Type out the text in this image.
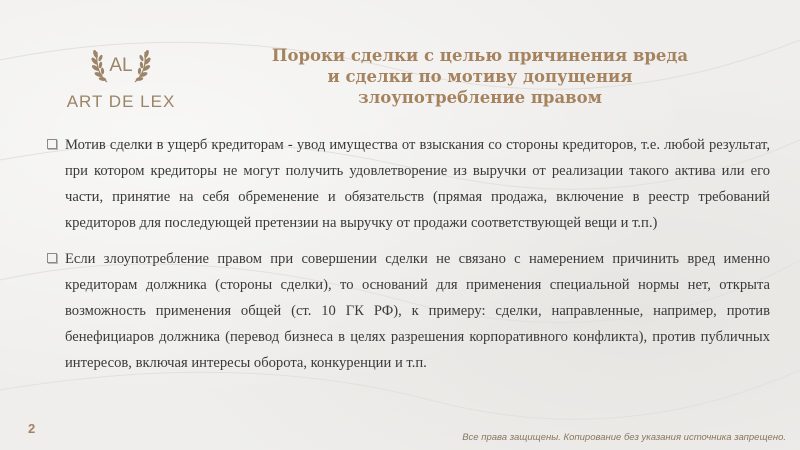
AL
ART DE LEX
Пороки сделки с целью причинения вреда
и сделки по мотиву допущения
злоупотребление правом
Мотив сделки в ущерб кредиторам - увод имущества от взыскания со стороны кредиторов, т.е. любой результат, при котором кредиторы не могут получить удовлетворение из выручки от реализации такого актива или его части, принятие на себя обременение и обязательств (прямая продажа, включение в реестр требований кредиторов для последующей претензии на выручку от продажи соответствующей вещи и т.п.)
Если злоупотребление правом при совершении сделки не связано с намерением причинить вред именно кредиторам должника (стороны сделки), то оснований для применения специальной нормы нет, открыта возможность применения общей (ст. 10 ГК РФ), к примеру: сделки, направленные, например, против бенефициаров должника (перевод бизнеса в целях разрешения корпоративного конфликта), против публичных интересов, включая интересы оборота, конкуренции и т.п.
2
Все права защищены. Копирование без указания источника запрещено.
